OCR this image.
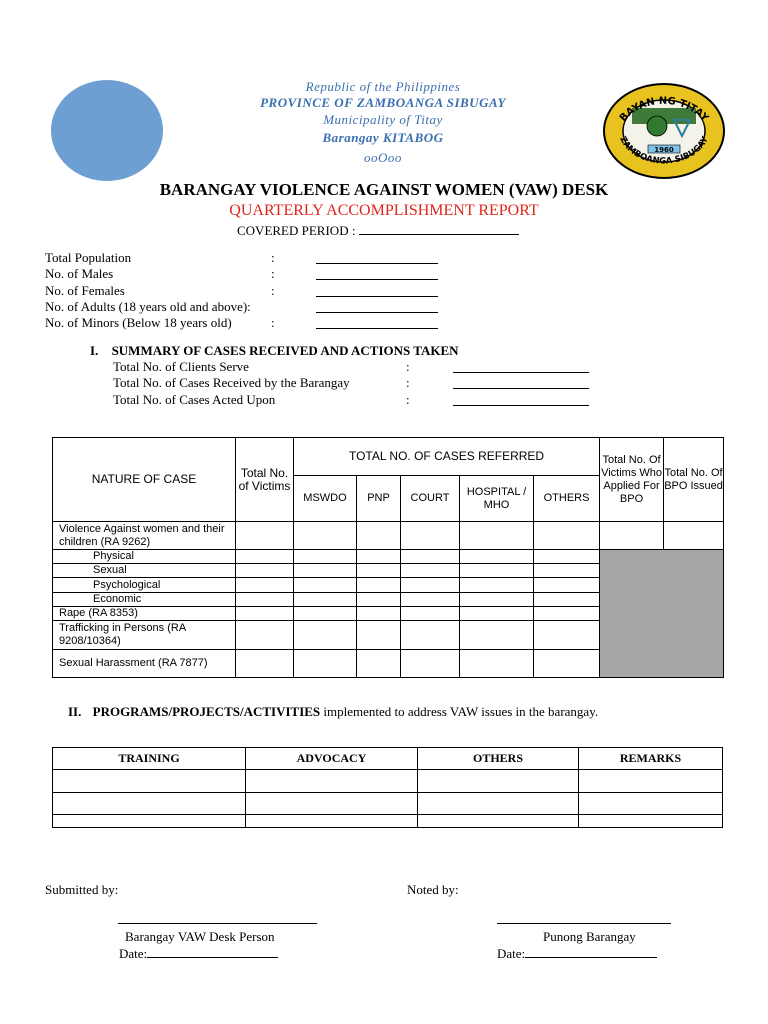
1960
BAYAN NG TITAY
ZAMBOANGA SIBUGAY
Republic of the Philippines
PROVINCE OF ZAMBOANGA SIBUGAY
Municipality of Titay
Barangay KITABOG
ooOoo
BARANGAY VIOLENCE AGAINST WOMEN (VAW) DESK
QUARTERLY ACCOMPLISHMENT REPORT
COVERED PERIOD :
Total Population	:
No. of Males	:
No. of Females	:
No. of Adults (18 years old and above):
No. of Minors (Below 18 years old)	:
I. SUMMARY OF CASES RECEIVED AND ACTIONS TAKEN
Total No. of Clients Serve	:
Total No. of Cases Received by the Barangay	:
Total No. of Cases Acted Upon	:
NATURE OF CASE	Total No. of Victims	TOTAL NO. OF CASES REFERRED					Total No. Of Victims Who Applied For BPO	Total No. Of BPO Issued
		MSWDO	PNP	COURT	HOSPITAL / MHO	OTHERS		
Violence Against women and their children (RA 9262)								
Physical								
Sexual								
Psychological								
Economic								
Rape (RA 8353)								
Trafficking in Persons (RA 9208/10364)								
Sexual Harassment (RA 7877)								
II. PROGRAMS/PROJECTS/ACTIVITIES implemented to address VAW issues in the barangay.
TRAINING	ADVOCACY	OTHERS	REMARKS

Submitted by:	Noted by:
Barangay VAW Desk Person	Punong Barangay
Date:	Date:
